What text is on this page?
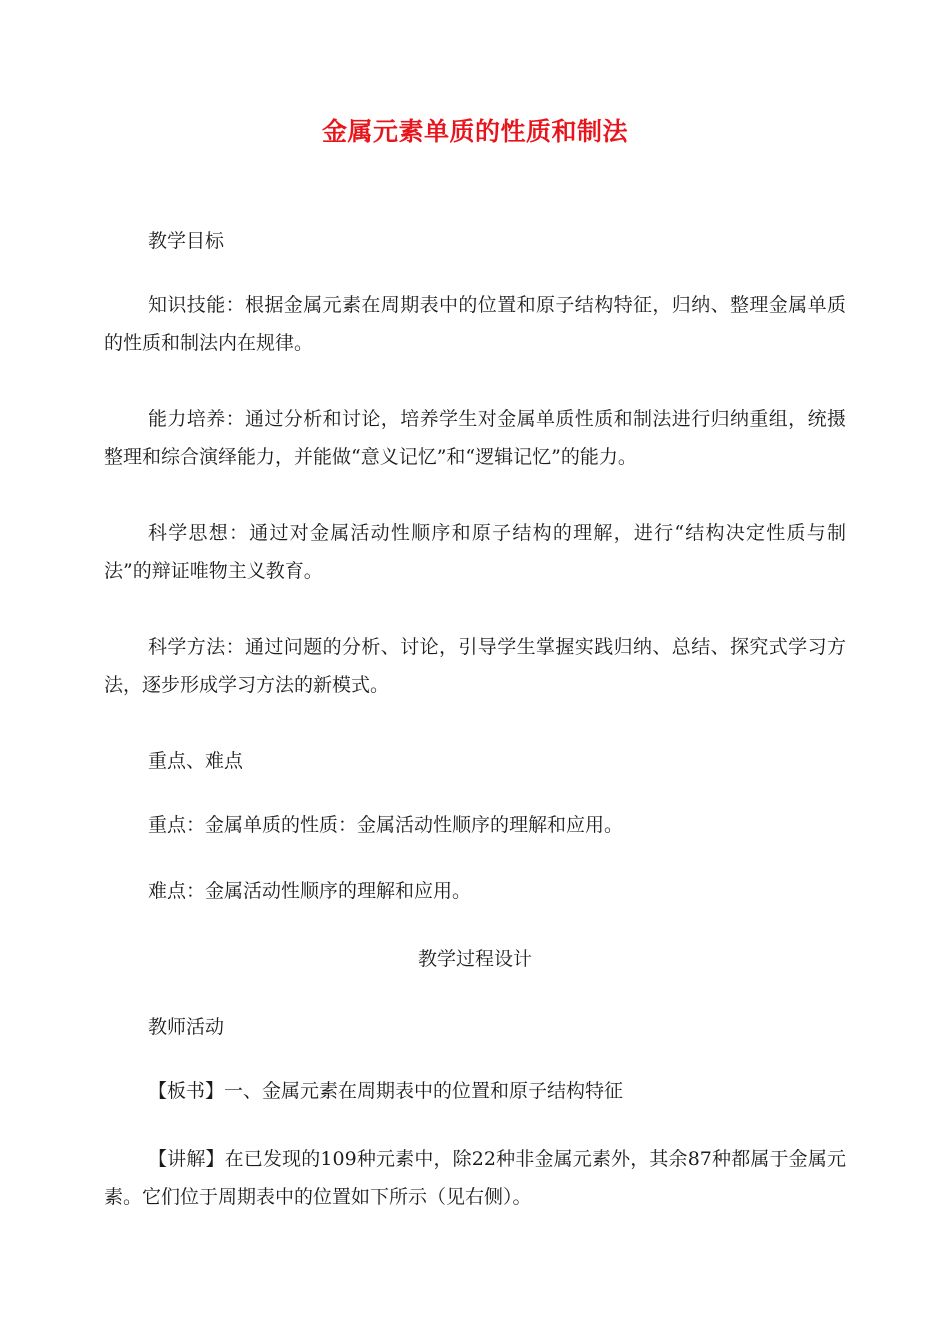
金属元素单质的性质和制法

教学目标

知识技能：根据金属元素在周期表中的位置和原子结构特征，归纳、整理金属单质的性质和制法内在规律。

能力培养：通过分析和讨论，培养学生对金属单质性质和制法进行归纳重组，统摄整理和综合演绎能力，并能做“意义记忆”和“逻辑记忆”的能力。

科学思想：通过对金属活动性顺序和原子结构的理解，进行“结构决定性质与制法”的辩证唯物主义教育。

科学方法：通过问题的分析、讨论，引导学生掌握实践归纳、总结、探究式学习方法，逐步形成学习方法的新模式。

重点、难点

重点：金属单质的性质：金属活动性顺序的理解和应用。

难点：金属活动性顺序的理解和应用。

教学过程设计

教师活动

【板书】一、金属元素在周期表中的位置和原子结构特征

【讲解】在已发现的109种元素中，除22种非金属元素外，其余87种都属于金属元素。它们位于周期表中的位置如下所示（见右侧）。
